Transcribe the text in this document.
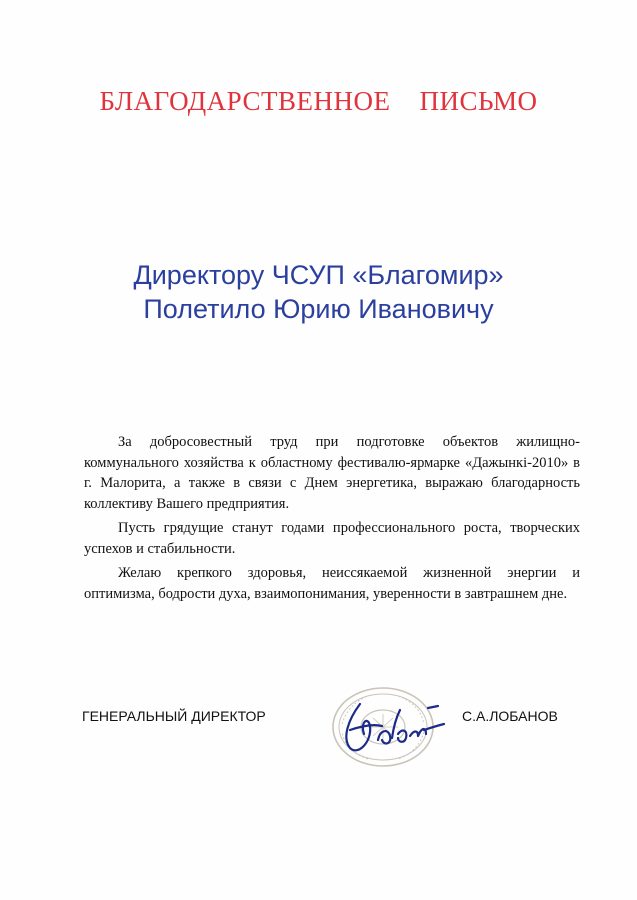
БЛАГОДАРСТВЕННОЕ    ПИСЬМО
Директору ЧСУП «Благомир»
Полетило Юрию Ивановичу

За добросовестный труд при подготовке объектов жилищно-коммунального хозяйства к областному фестивалю-ярмарке «Дажынкі-2010» в г. Малорита, а также в связи с Днем энергетика, выражаю благодарность коллективу Вашего предприятия.

Пусть грядущие станут годами профессионального роста, творческих успехов и стабильности.

Желаю крепкого здоровья, неиссякаемой жизненной энергии и оптимизма, бодрости духа, взаимопонимания, уверенности в завтрашнем дне.

ГЕНЕРАЛЬНЫЙ ДИРЕКТОР	С.А.ЛОБАНОВ
